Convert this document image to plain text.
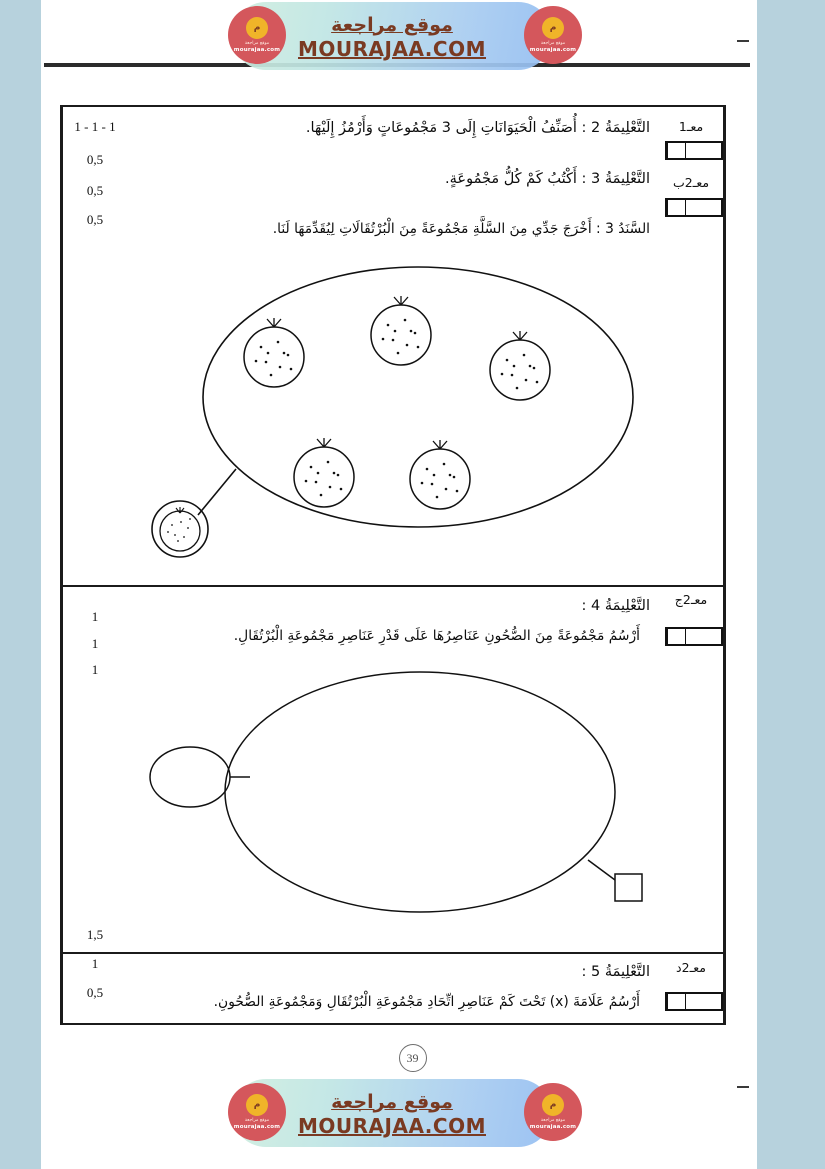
1 - 1 - 1
0,5
0,5
0,5
1
1
1
1,5
1
0,5
معـ1
معـ2ب
معـ2ج
معـ2د
التَّعْلِيمَةُ 2 : أُصَنِّفُ الْحَيَوَانَاتِ إِلَى 3 مَجْمُوعَاتٍ وَأَرْمُزُ إِلَيْهَا.
التَّعْلِيمَةُ 3 : أَكْتُبُ كَمْ كُلُّ مَجْمُوعَةٍ.
السَّنَدُ 3 : أَخْرَجَ جَدِّي مِنَ السَّلَّةِ مَجْمُوعَةً مِنَ الْبُرْتُقَالَاتِ لِيُقَدِّمَهَا لَنَا.
التَّعْلِيمَةُ 4 :
أَرْسُمُ مَجْمُوعَةً مِنَ الصُّحُونِ عَنَاصِرُهَا عَلَى قَدْرِ عَنَاصِرِ مَجْمُوعَةِ الْبُرْتُقَالِ.
التَّعْلِيمَةُ 5 :
أَرْسُمُ عَلَامَةَ (x) تَحْتَ كَمْ عَنَاصِرِ اتِّحَادِ مَجْمُوعَةِ الْبُرْتُقَالِ وَمَجْمُوعَةِ الصُّحُونِ.
39
م
موقع مراجعة
mourajaa.com
موقع مراجعة
MOURAJAA.COM
م
موقع مراجعة
mourajaa.com
م
موقع مراجعة
mourajaa.com
موقع مراجعة
MOURAJAA.COM
م
موقع مراجعة
mourajaa.com
